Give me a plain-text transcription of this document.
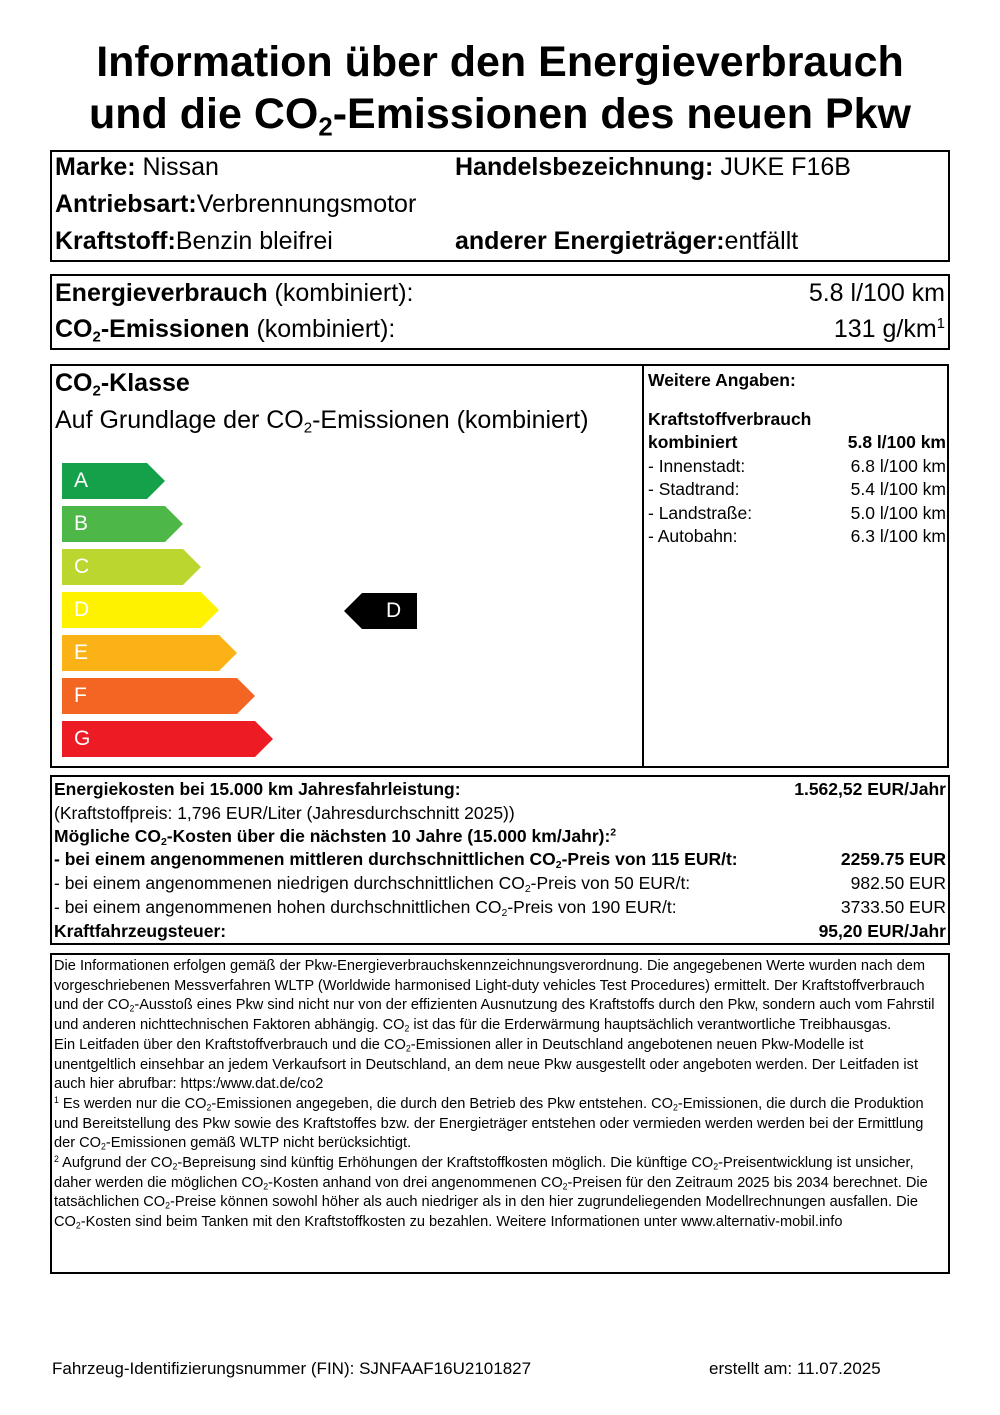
Information über den Energieverbrauch
und die $CO_2$-Emissionen des neuen Pkw
Marke: Nissan	Handelsbezeichnung: JUKE F16B
Antriebsart:Verbrennungsmotor
Kraftstoff:Benzin bleifrei	anderer Energieträger:entfällt
Energieverbrauch (kombiniert):	5.8 l/100 km
$CO_2$-Emissionen (kombiniert):	131 $g/km^1$
$CO_2$-Klasse
Auf Grundlage der $CO_2$-Emissionen (kombiniert)
A
B
C
D
E
F
G
D
Weitere Angaben:
Kraftstoffverbrauch
kombiniert	5.8 l/100 km
- Innenstadt:	6.8 l/100 km
- Stadtrand:	5.4 l/100 km
- Landstraße:	5.0 l/100 km
- Autobahn:	6.3 l/100 km
Energiekosten bei 15.000 km Jahresfahrleistung:	1.562,52 EUR/Jahr
(Kraftstoffpreis: 1,796 EUR/Liter (Jahresdurchschnitt 2025))
Mögliche $CO_2$-Kosten über die nächsten 10 Jahre (15.000 km/Jahr):$^2$
- bei einem angenommenen mittleren durchschnittlichen $CO_2$-Preis von 115 EUR/t:	2259.75 EUR
- bei einem angenommenen niedrigen durchschnittlichen $CO_2$-Preis von 50 EUR/t:	982.50 EUR
- bei einem angenommenen hohen durchschnittlichen $CO_2$-Preis von 190 EUR/t:	3733.50 EUR
Kraftfahrzeugsteuer:	95,20 EUR/Jahr

Die Informationen erfolgen gemäß der Pkw-Energieverbrauchskennzeichnungsverordnung. Die angegebenen Werte wurden nach dem vorgeschriebenen Messverfahren WLTP (Worldwide harmonised Light-duty vehicles Test Procedures) ermittelt. Der Kraftstoffverbrauch und der $CO_2$-Ausstoß eines Pkw sind nicht nur von der effizienten Ausnutzung des Kraftstoffs durch den Pkw, sondern auch vom Fahrstil und anderen nichttechnischen Faktoren abhängig. $CO_2$ ist das für die Erderwärmung hauptsächlich verantwortliche Treibhausgas.

Ein Leitfaden über den Kraftstoffverbrauch und die $CO_2$-Emissionen aller in Deutschland angebotenen neuen Pkw-Modelle ist unentgeltlich einsehbar an jedem Verkaufsort in Deutschland, an dem neue Pkw ausgestellt oder angeboten werden. Der Leitfaden ist auch hier abrufbar: https:/www.dat.de/co2

$^1$ Es werden nur die $CO_2$-Emissionen angegeben, die durch den Betrieb des Pkw entstehen. $CO_2$-Emissionen, die durch die Produktion und Bereitstellung des Pkw sowie des Kraftstoffes bzw. der Energieträger entstehen oder vermieden werden werden bei der Ermittlung der $CO_2$-Emissionen gemäß WLTP nicht berücksichtigt.

$^2$ Aufgrund der $CO_2$-Bepreisung sind künftig Erhöhungen der Kraftstoffkosten möglich. Die künftige $CO_2$-Preisentwicklung ist unsicher, daher werden die möglichen $CO_2$-Kosten anhand von drei angenommenen $CO_2$-Preisen für den Zeitraum 2025 bis 2034 berechnet. Die tatsächlichen $CO_2$-Preise können sowohl höher als auch niedriger als in den hier zugrundeliegenden Modellrechnungen ausfallen. Die $CO_2$-Kosten sind beim Tanken mit den Kraftstoffkosten zu bezahlen. Weitere Informationen unter www.alternativ-mobil.info

Fahrzeug-Identifizierungsnummer (FIN): SJNFAAF16U2101827	erstellt am: 11.07.2025
